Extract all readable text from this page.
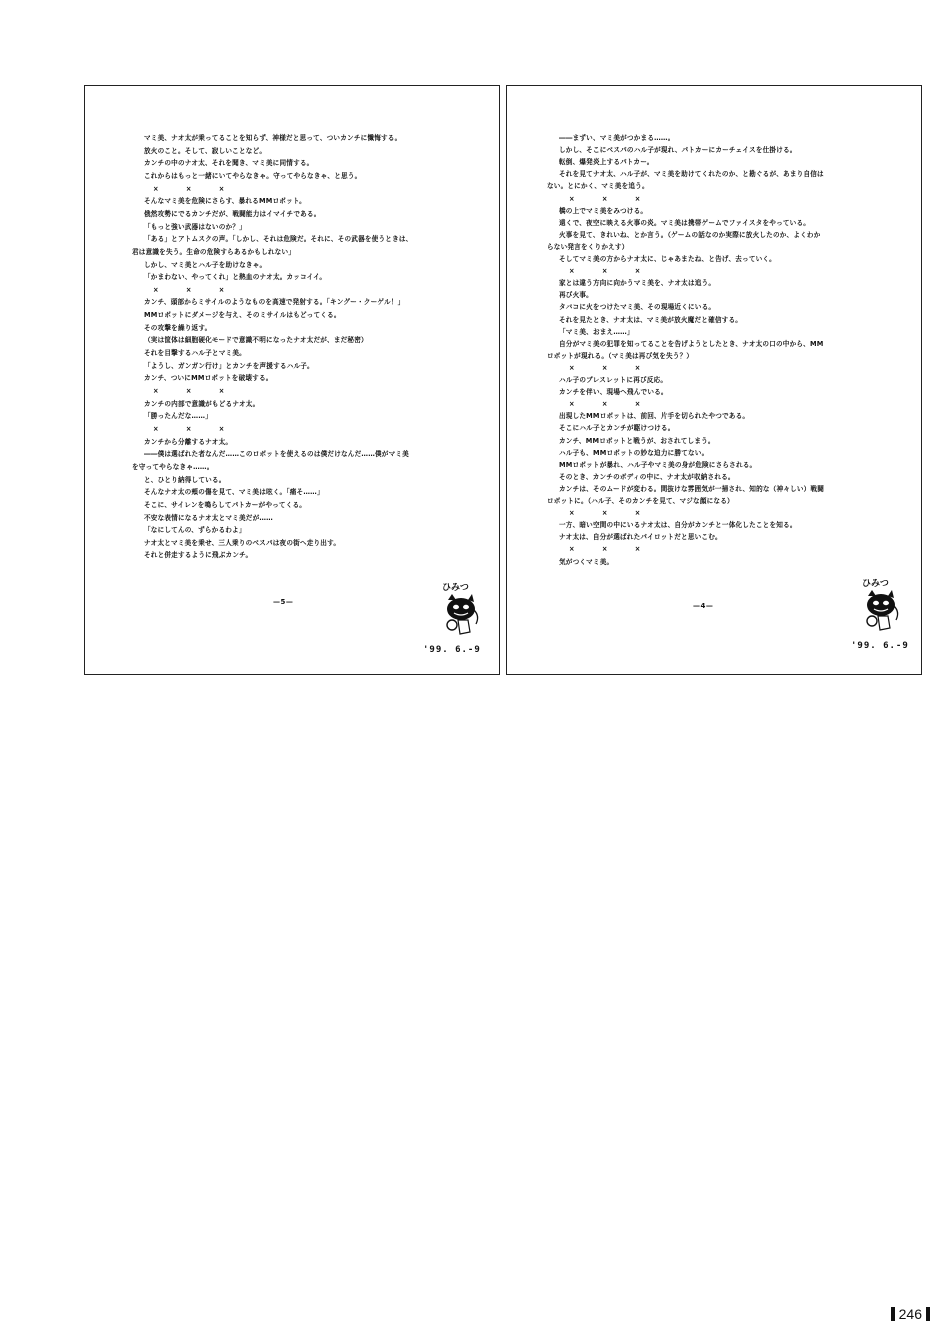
マミ美、ナオ太が乗ってることを知らず、神様だと思って、ついカンチに懺悔する。
放火のこと。そして、寂しいことなど。
カンチの中のナオ太、それを聞き、マミ美に同情する。
これからはもっと一緒にいてやらなきゃ。守ってやらなきゃ、と思う。
×　　　　×　　　　×
そんなマミ美を危険にさらす、暴れるMMロボット。
俄然攻勢にでるカンチだが、戦闘能力はイマイチである。
「もっと強い武器はないのか？」
「ある」とアトムスクの声。「しかし、それは危険だ。それに、その武器を使うときは、
君は意識を失う。生命の危険すらあるかもしれない」
しかし、マミ美とハル子を助けなきゃ。
「かまわない、やってくれ」と熱血のナオ太。カッコイイ。
×　　　　×　　　　×
カンチ、頭部からミサイルのようなものを高速で発射する。「キングー・クーゲル！」
MMロボットにダメージを与え、そのミサイルはもどってくる。
その攻撃を繰り返す。
（実は筐体は細胞硬化モードで意識不明になったナオ太だが、まだ秘密）
それを目撃するハル子とマミ美。
「ようし、ガンガン行け」とカンチを声援するハル子。
カンチ、ついにMMロボットを破壊する。
×　　　　×　　　　×
カンチの内部で意識がもどるナオ太。
「勝ったんだな……」
×　　　　×　　　　×
カンチから分離するナオ太。
――僕は選ばれた者なんだ……このロボットを使えるのは僕だけなんだ……僕がマミ美
を守ってやらなきゃ……。
と、ひとり納得している。
そんなナオ太の頬の傷を見て、マミ美は呟く。「痛そ……」
そこに、サイレンを鳴らしてパトカーがやってくる。
不安な表情になるナオ太とマミ美だが……
「なにしてんの、ずらかるわよ」
ナオ太とマミ美を乗せ、三人乗りのベスパは夜の街へ走り出す。
それと併走するように飛ぶカンチ。
—5—
ひみつ
'99. 6.-9
――まずい、マミ美がつかまる……。
しかし、そこにベスパのハル子が現れ、パトカーにカーチェイスを仕掛ける。
転倒、爆発炎上するパトカー。
それを見てナオ太、ハル子が、マミ美を助けてくれたのか、と勘ぐるが、あまり自信は
ない。とにかく、マミ美を追う。
×　　　　×　　　　×
橋の上でマミ美をみつける。
遠くで、夜空に映える火事の炎。マミ美は携帯ゲームでファイスタをやっている。
火事を見て、きれいね、とか言う。（ゲームの話なのか実際に放火したのか、よくわか
らない発言をくりかえす）
そしてマミ美の方からナオ太に、じゃあまたね、と告げ、去っていく。
×　　　　×　　　　×
家とは違う方向に向かうマミ美を、ナオ太は追う。
再び火事。
タバコに火をつけたマミ美、その現場近くにいる。
それを見たとき、ナオ太は、マミ美が放火魔だと確信する。
「マミ美、おまえ……」
自分がマミ美の犯罪を知ってることを告げようとしたとき、ナオ太の口の中から、MM
ロボットが現れる。（マミ美は再び気を失う？）
×　　　　×　　　　×
ハル子のブレスレットに再び反応。
カンチを伴い、現場へ飛んでいる。
×　　　　×　　　　×
出現したMMロボットは、前回、片手を切られたやつである。
そこにハル子とカンチが駆けつける。
カンチ、MMロボットと戦うが、おされてしまう。
ハル子も、MMロボットの妙な迫力に勝てない。
MMロボットが暴れ、ハル子やマミ美の身が危険にさらされる。
そのとき、カンチのボディの中に、ナオ太が収納される。
カンチは、そのムードが変わる。間抜けな雰囲気が一掃され、知的な（神々しい）戦闘
ロボットに。（ハル子、そのカンチを見て、マジな顔になる）
×　　　　×　　　　×
一方、暗い空間の中にいるナオ太は、自分がカンチと一体化したことを知る。
ナオ太は、自分が選ばれたパイロットだと思いこむ。
×　　　　×　　　　×
気がつくマミ美。
—4—
ひみつ
'99. 6.-9
246
